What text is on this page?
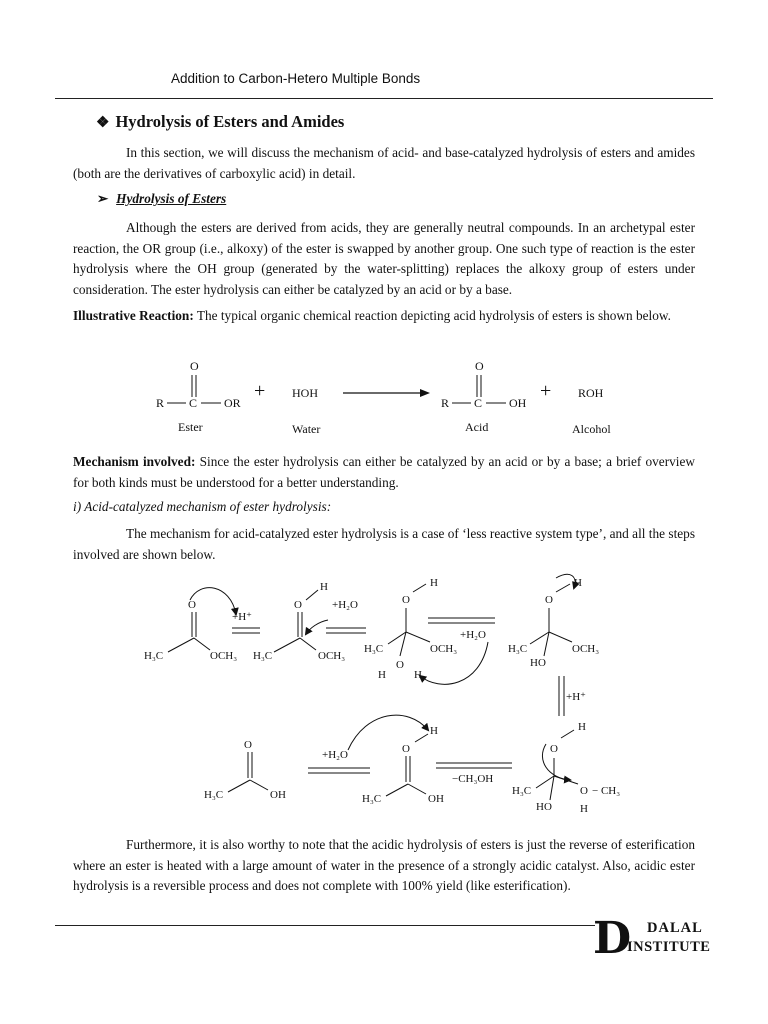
Addition to Carbon-Hetero Multiple Bonds
❖ Hydrolysis of Esters and Amides
In this section, we will discuss the mechanism of acid- and base-catalyzed hydrolysis of esters and amides (both are the derivatives of carboxylic acid) in detail.
➢ Hydrolysis of Esters
Although the esters are derived from acids, they are generally neutral compounds. In an archetypal ester reaction, the OR group (i.e., alkoxy) of the ester is swapped by another group. One such type of reaction is the ester hydrolysis where the OH group (generated by the water-splitting) replaces the alkoxy group of esters under consideration. The ester hydrolysis can either be catalyzed by an acid or by a base.
Illustrative Reaction: The typical organic chemical reaction depicting acid hydrolysis of esters is shown below.
O
R C OR
Ester
+ HOH
Water
O
R C OH
Acid
+ ROH
Alcohol
Mechanism involved: Since the ester hydrolysis can either be catalyzed by an acid or by a base; a brief overview for both kinds must be understood for a better understanding.
i) Acid-catalyzed mechanism of ester hydrolysis:
The mechanism for acid-catalyzed ester hydrolysis is a case of ‘less reactive system type’, and all the steps involved are shown below.
O
H₃C	OCH₃
+H⁺
O
H
H₃C	OCH₃
+H₂O	O
H
H₃C	OCH₃
O
H	H
+H₂O
O
H
H₃C	OCH₃
HO
+H⁺
O
H
H₃C	O − CH₃
H
HO
−CH₃OH
O
H
H₃C	OH
+H₂O
O
H₃C	OH
Furthermore, it is also worthy to note that the acidic hydrolysis of esters is just the reverse of esterification where an ester is heated with a large amount of water in the presence of a strongly acidic catalyst. Also, acidic ester hydrolysis is a reversible process and does not complete with 100% yield (like esterification).
D DALAL
INSTITUTE
